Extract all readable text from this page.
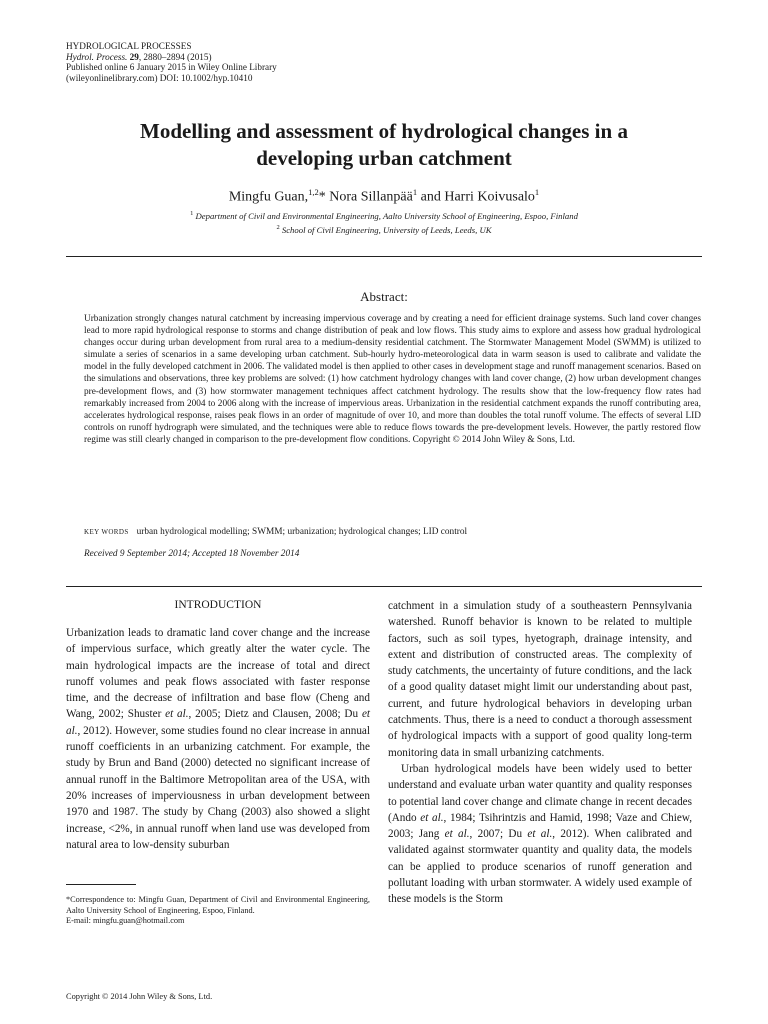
HYDROLOGICAL PROCESSES
Hydrol. Process. 29, 2880–2894 (2015)
Published online 6 January 2015 in Wiley Online Library
(wileyonlinelibrary.com) DOI: 10.1002/hyp.10410
Modelling and assessment of hydrological changes in a
developing urban catchment
Mingfu Guan,$^{1,2}$* Nora Sillanpää$^1$ and Harri Koivusalo$^1$
$^1$ Department of Civil and Environmental Engineering, Aalto University School of Engineering, Espoo, Finland
$^2$ School of Civil Engineering, University of Leeds, Leeds, UK
Abstract:
Urbanization strongly changes natural catchment by increasing impervious coverage and by creating a need for efficient drainage systems. Such land cover changes lead to more rapid hydrological response to storms and change distribution of peak and low flows. This study aims to explore and assess how gradual hydrological changes occur during urban development from rural area to a medium-density residential catchment. The Stormwater Management Model (SWMM) is utilized to simulate a series of scenarios in a same developing urban catchment. Sub-hourly hydro-meteorological data in warm season is used to calibrate and validate the model in the fully developed catchment in 2006. The validated model is then applied to other cases in development stage and runoff management scenarios. Based on the simulations and observations, three key problems are solved: (1) how catchment hydrology changes with land cover change, (2) how urban development changes pre-development flows, and (3) how stormwater management techniques affect catchment hydrology. The results show that the low-frequency flow rates had remarkably increased from 2004 to 2006 along with the increase of impervious areas. Urbanization in the residential catchment expands the runoff contributing area, accelerates hydrological response, raises peak flows in an order of magnitude of over 10, and more than doubles the total runoff volume. The effects of several LID controls on runoff hydrograph were simulated, and the techniques were able to reduce flows towards the pre-development levels. However, the partly restored flow regime was still clearly changed in comparison to the pre-development flow conditions. Copyright © 2014 John Wiley & Sons, Ltd.
KEY WORDS urban hydrological modelling; SWMM; urbanization; hydrological changes; LID control
Received 9 September 2014; Accepted 18 November 2014
INTRODUCTION

Urbanization leads to dramatic land cover change and the increase of impervious surface, which greatly alter the water cycle. The main hydrological impacts are the increase of total and direct runoff volumes and peak flows associated with faster response time, and the decrease of infiltration and base flow (Cheng and Wang, 2002; Shuster et al., 2005; Dietz and Clausen, 2008; Du et al., 2012). However, some studies found no clear increase in annual runoff coefficients in an urbanizing catchment. For example, the study by Brun and Band (2000) detected no significant increase of annual runoff in the Baltimore Metropolitan area of the USA, with 20% increases of imperviousness in urban development between 1970 and 1987. The study by Chang (2003) also showed a slight increase, <2%, in annual runoff when land use was developed from natural area to low-density suburban

catchment in a simulation study of a southeastern Pennsylvania watershed. Runoff behavior is known to be related to multiple factors, such as soil types, hyetograph, drainage intensity, and extent and distribution of constructed areas. The complexity of study catchments, the uncertainty of future conditions, and the lack of a good quality dataset might limit our understanding about past, current, and future hydrological behaviors in developing urban catchments. Thus, there is a need to conduct a thorough assessment of hydrological impacts with a support of good quality long-term monitoring data in small urbanizing catchments.

Urban hydrological models have been widely used to better understand and evaluate urban water quantity and quality responses to potential land cover change and climate change in recent decades (Ando et al., 1984; Tsihrintzis and Hamid, 1998; Vaze and Chiew, 2003; Jang et al., 2007; Du et al., 2012). When calibrated and validated against stormwater quantity and quality data, the models can be applied to produce scenarios of runoff generation and pollutant loading with urban stormwater. A widely used example of these models is the Storm

*Correspondence to: Mingfu Guan, Department of Civil and Environmental Engineering, Aalto University School of Engineering, Espoo, Finland.
E-mail: mingfu.guan@hotmail.com
Copyright © 2014 John Wiley & Sons, Ltd.
